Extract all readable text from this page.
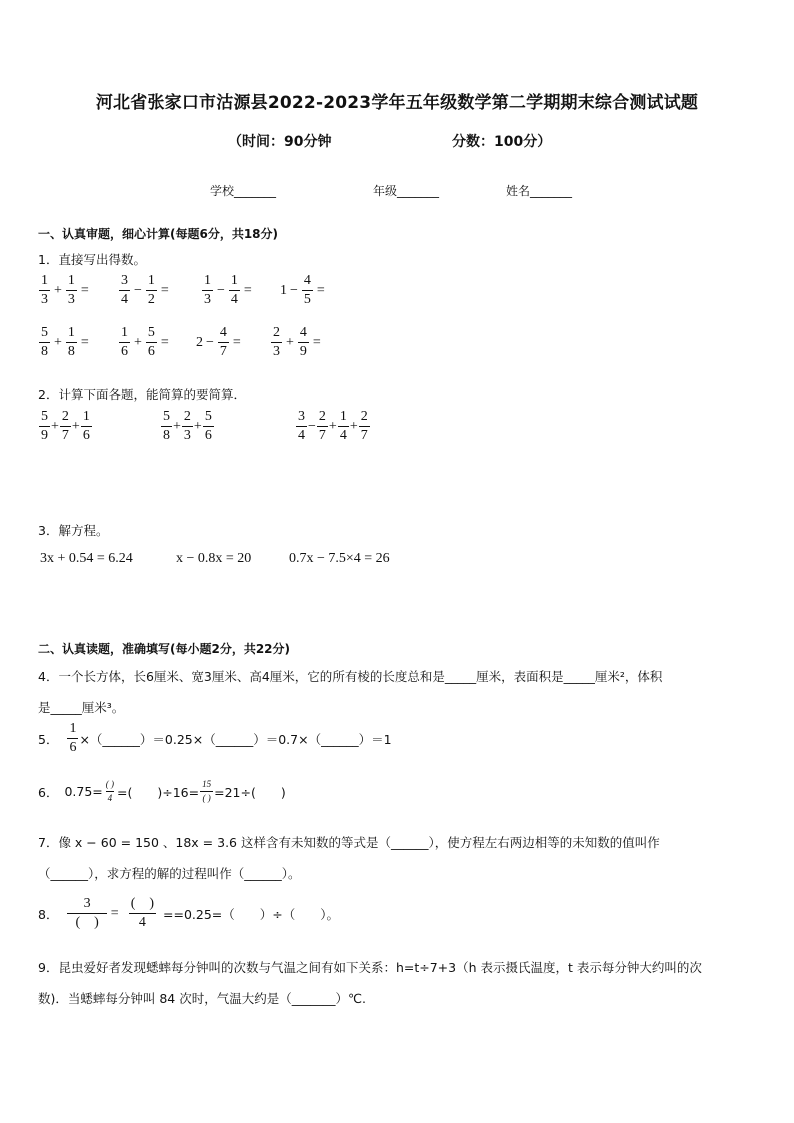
河北省张家口市沽源县2022-2023学年五年级数学第二学期期末综合测试试题
（时间：90分钟	分数：100分）
学校_______	年级_______	姓名_______
一、认真审题，细心计算(每题6分，共18分)
1．直接写出得数。
$\frac{1}{3} + \frac{1}{3} = \frac{3}{4} - \frac{1}{2} = \frac{1}{3} - \frac{1}{4} = 1 - \frac{4}{5}$ =
$\frac{5}{8} + \frac{1}{8} = \frac{1}{6} + \frac{5}{6} = 2 - \frac{4}{7} = \frac{2}{3} + \frac{4}{9}$ =
2．计算下面各题，能简算的要简算．
$\frac{5}{9} + \frac{2}{7} + \frac{1}{6}$	$\frac{5}{8} + \frac{2}{3} + \frac{5}{6}$	$\frac{3}{4} - \frac{2}{7} + \frac{1}{4} + \frac{2}{7}$
3．解方程。
3x + 0.54 = 6.24	x − 0.8x = 20	0.7x − 7.5×4 = 26
二、认真读题，准确填写(每小题2分，共22分)
4．一个长方体，长6厘米、宽3厘米、高4厘米，它的所有棱的长度总和是_____厘米，表面积是_____厘米²，体积
是_____厘米³。
5． $\frac{1}{6}$ ×（______）＝0.25×（______）＝0.7×（______）＝1
6． $0.75= \frac{( )}{4}$ =(　　)$\div 16= \frac{15}{( )} =21\div$(　　)
7．像 x − 60 = 150 、18x = 3.6 这样含有未知数的等式是（______），使方程左右两边相等的未知数的值叫作
（______），求方程的解的过程叫作（______）。
8． $\frac{3}{( )} = \frac{( )}{4} ==0.25=$（　　）÷（　　）。
9．昆虫爱好者发现蟋蟀每分钟叫的次数与气温之间有如下关系：h=t÷7+3（h 表示摄氏温度，t 表示每分钟大约叫的次
数)．当蟋蟀每分钟叫 84 次时，气温大约是（_______）℃.
